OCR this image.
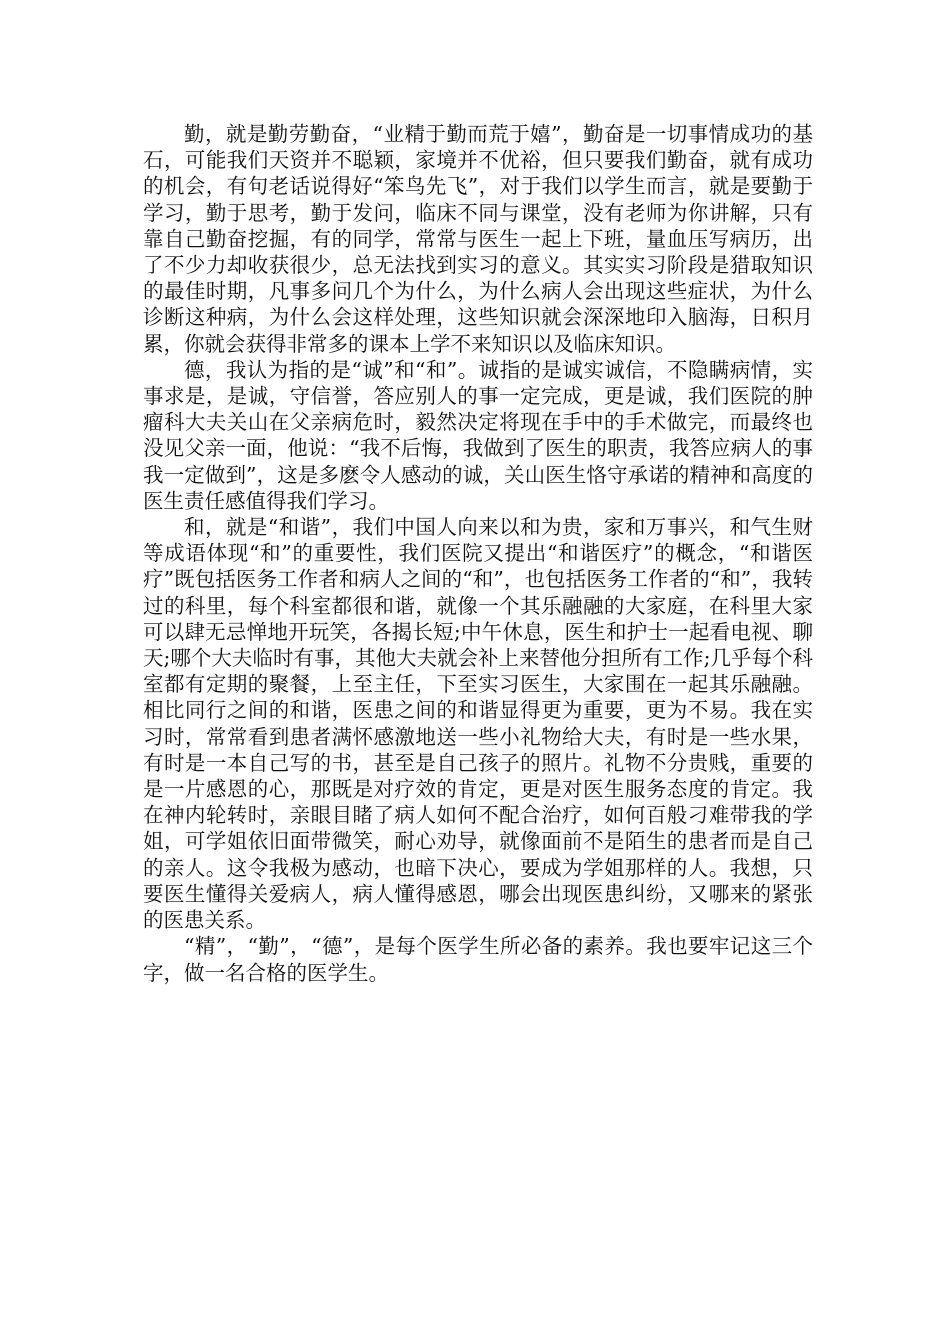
勤，就是勤劳勤奋，“业精于勤而荒于嬉”，勤奋是一切事情成功的基石，可能我们天资并不聪颖，家境并不优裕，但只要我们勤奋，就有成功的机会，有句老话说得好“笨鸟先飞”，对于我们以学生而言，就是要勤于学习，勤于思考，勤于发问，临床不同与课堂，没有老师为你讲解，只有靠自己勤奋挖掘，有的同学，常常与医生一起上下班，量血压写病历，出了不少力却收获很少，总无法找到实习的意义。其实实习阶段是猎取知识的最佳时期，凡事多问几个为什么，为什么病人会出现这些症状，为什么诊断这种病，为什么会这样处理，这些知识就会深深地印入脑海，日积月累，你就会获得非常多的课本上学不来知识以及临床知识。

德，我认为指的是“诚”和“和”。诚指的是诚实诚信，不隐瞒病情，实事求是，是诚，守信誉，答应别人的事一定完成，更是诚，我们医院的肿瘤科大夫关山在父亲病危时，毅然决定将现在手中的手术做完，而最终也没见父亲一面，他说：“我不后悔，我做到了医生的职责，我答应病人的事我一定做到”，这是多麽令人感动的诚，关山医生恪守承诺的精神和高度的医生责任感值得我们学习。

和，就是“和谐”，我们中国人向来以和为贵，家和万事兴，和气生财等成语体现“和”的重要性，我们医院又提出“和谐医疗”的概念，“和谐医疗”既包括医务工作者和病人之间的“和”，也包括医务工作者的“和”，我转过的科里，每个科室都很和谐，就像一个其乐融融的大家庭，在科里大家可以肆无忌惮地开玩笑，各揭长短;中午休息，医生和护士一起看电视、聊天;哪个大夫临时有事，其他大夫就会补上来替他分担所有工作;几乎每个科室都有定期的聚餐，上至主任，下至实习医生，大家围在一起其乐融融。相比同行之间的和谐，医患之间的和谐显得更为重要，更为不易。我在实习时，常常看到患者满怀感激地送一些小礼物给大夫，有时是一些水果，有时是一本自己写的书，甚至是自己孩子的照片。礼物不分贵贱，重要的是一片感恩的心，那既是对疗效的肯定，更是对医生服务态度的肯定。我在神内轮转时，亲眼目睹了病人如何不配合治疗，如何百般刁难带我的学姐，可学姐依旧面带微笑，耐心劝导，就像面前不是陌生的患者而是自己的亲人。这令我极为感动，也暗下决心，要成为学姐那样的人。我想，只要医生懂得关爱病人，病人懂得感恩，哪会出现医患纠纷，又哪来的紧张的医患关系。

“精”，“勤”，“德”，是每个医学生所必备的素养。我也要牢记这三个字，做一名合格的医学生。
